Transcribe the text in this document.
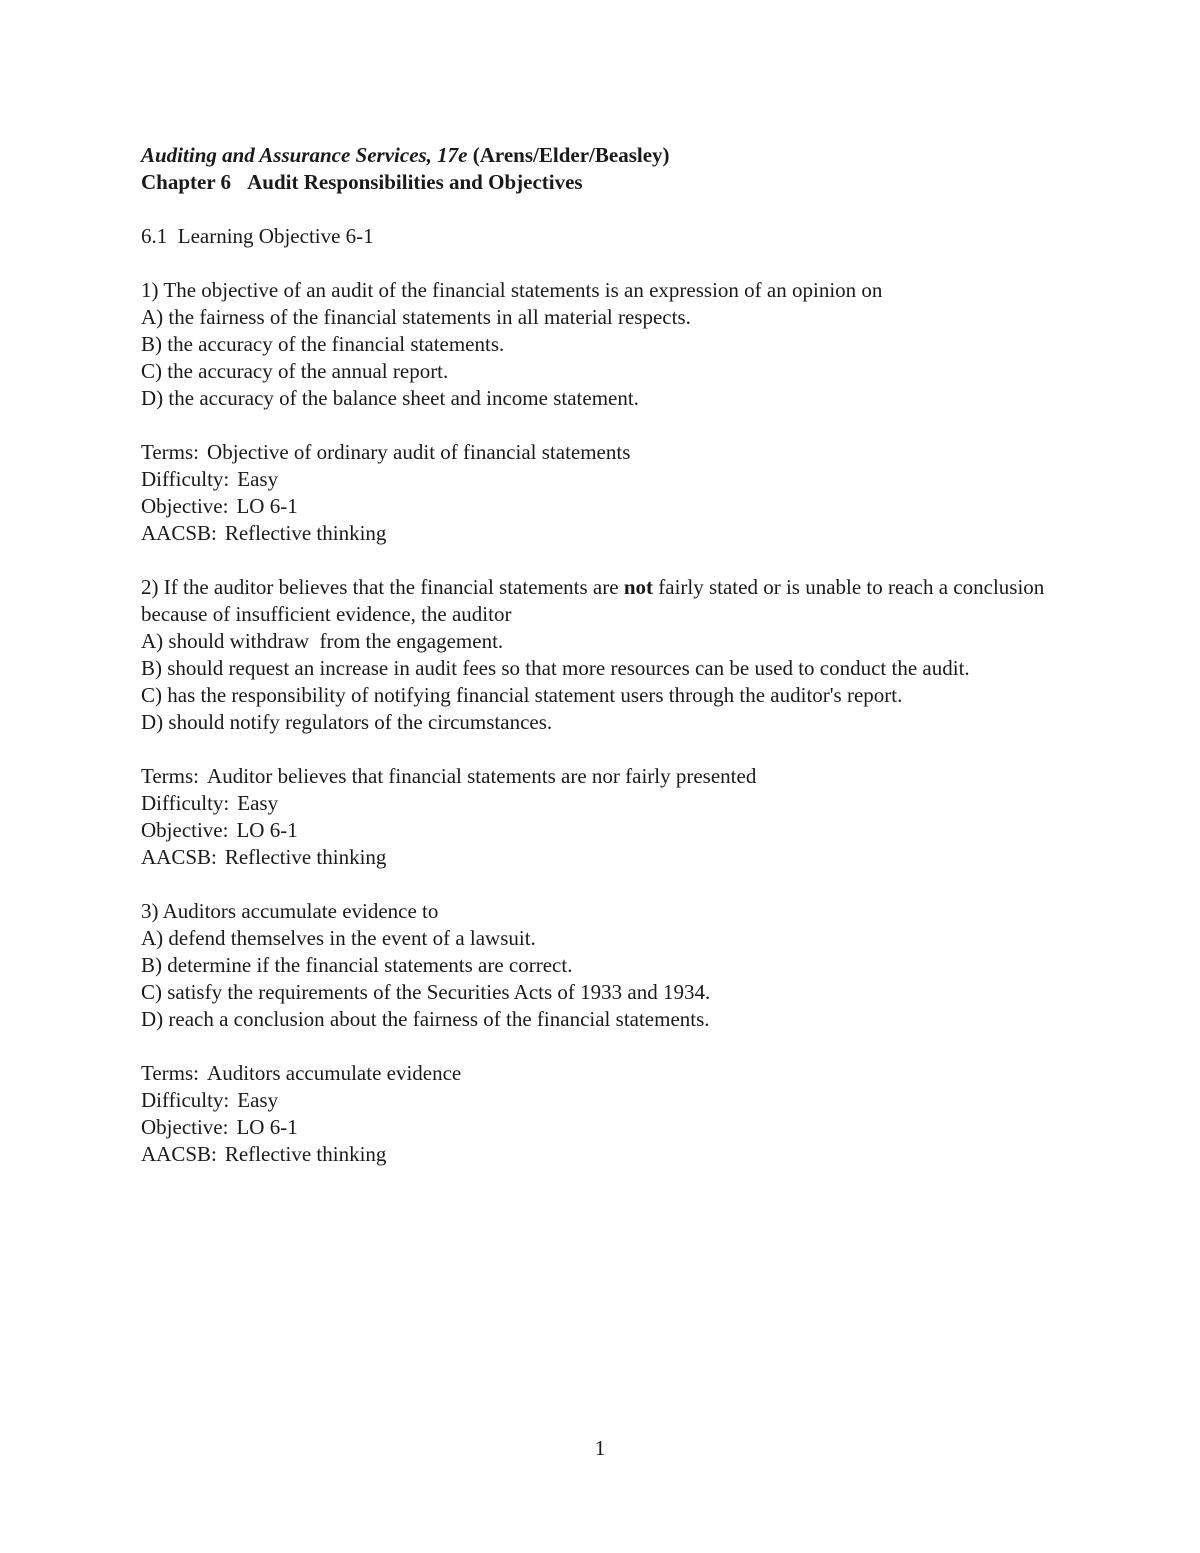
Auditing and Assurance Services, 17e (Arens/Elder/Beasley)
Chapter 6 Audit Responsibilities and Objectives
6.1  Learning Objective 6-1
1) The objective of an audit of the financial statements is an expression of an opinion on
A) the fairness of the financial statements in all material respects.
B) the accuracy of the financial statements.
C) the accuracy of the annual report.
D) the accuracy of the balance sheet and income statement.
Terms: Objective of ordinary audit of financial statements
Difficulty: Easy
Objective: LO 6-1
AACSB: Reflective thinking
2) If the auditor believes that the financial statements are not fairly stated or is unable to reach a conclusion because of insufficient evidence, the auditor
A) should withdraw  from the engagement.
B) should request an increase in audit fees so that more resources can be used to conduct the audit.
C) has the responsibility of notifying financial statement users through the auditor's report.
D) should notify regulators of the circumstances.
Terms: Auditor believes that financial statements are nor fairly presented
Difficulty: Easy
Objective: LO 6-1
AACSB: Reflective thinking
3) Auditors accumulate evidence to
A) defend themselves in the event of a lawsuit.
B) determine if the financial statements are correct.
C) satisfy the requirements of the Securities Acts of 1933 and 1934.
D) reach a conclusion about the fairness of the financial statements.
Terms: Auditors accumulate evidence
Difficulty: Easy
Objective: LO 6-1
AACSB: Reflective thinking
1
